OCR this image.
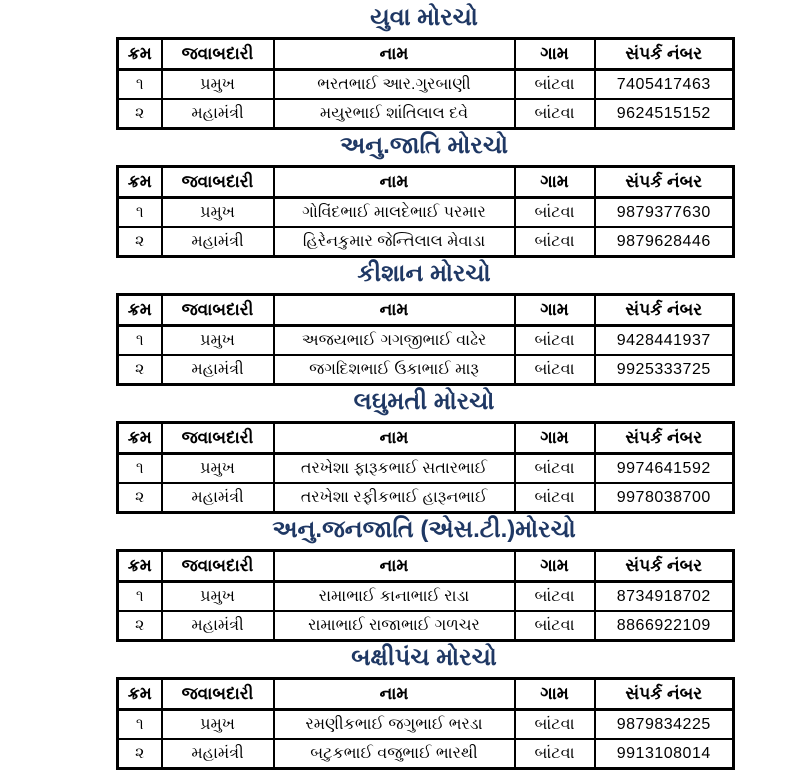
યુવા મોરચો
ક્રમ	જવાબદારી	નામ	ગામ	સંપર્ક નંબર
૧	પ્રમુખ	ભરતભાઈ આર.ગુરબાણી	બાંટવા	7405417463
૨	મહામંત્રી	મયુરભાઈ શાંતિલાલ દવે	બાંટવા	9624515152
અનુ.જાતિ મોરચો
ક્રમ	જવાબદારી	નામ	ગામ	સંપર્ક નંબર
૧	પ્રમુખ	ગોવિંદભાઈ માલદેભાઈ પરમાર	બાંટવા	9879377630
૨	મહામંત્રી	હિરેનકુમાર જેન્તિલાલ મેવાડા	બાંટવા	9879628446
કીશાન મોરચો
ક્રમ	જવાબદારી	નામ	ગામ	સંપર્ક નંબર
૧	પ્રમુખ	અજયભાઈ ગગજીભાઈ વાઢેર	બાંટવા	9428441937
૨	મહામંત્રી	જગદિશભાઈ ઉકાભાઈ મારૂ	બાંટવા	9925333725
લઘુમતી મોરચો
ક્રમ	જવાબદારી	નામ	ગામ	સંપર્ક નંબર
૧	પ્રમુખ	તરખેશા ફારૂકભાઈ સતારભાઈ	બાંટવા	9974641592
૨	મહામંત્રી	તરખેશા રફીકભાઈ હારૂનભાઈ	બાંટવા	9978038700
અનુ.જનજાતિ (એસ.ટી.)મોરચો
ક્રમ	જવાબદારી	નામ	ગામ	સંપર્ક નંબર
૧	પ્રમુખ	રામાભાઈ કાનાભાઈ રાડા	બાંટવા	8734918702
૨	મહામંત્રી	રામાભાઈ રાજાભાઈ ગળચર	બાંટવા	8866922109
બક્ષીપંચ મોરચો
ક્રમ	જવાબદારી	નામ	ગામ	સંપર્ક નંબર
૧	પ્રમુખ	રમણીકભાઈ જગુભાઈ ભરડા	બાંટવા	9879834225
૨	મહામંત્રી	બટુકભાઈ વજુભાઈ ભારથી	બાંટવા	9913108014
